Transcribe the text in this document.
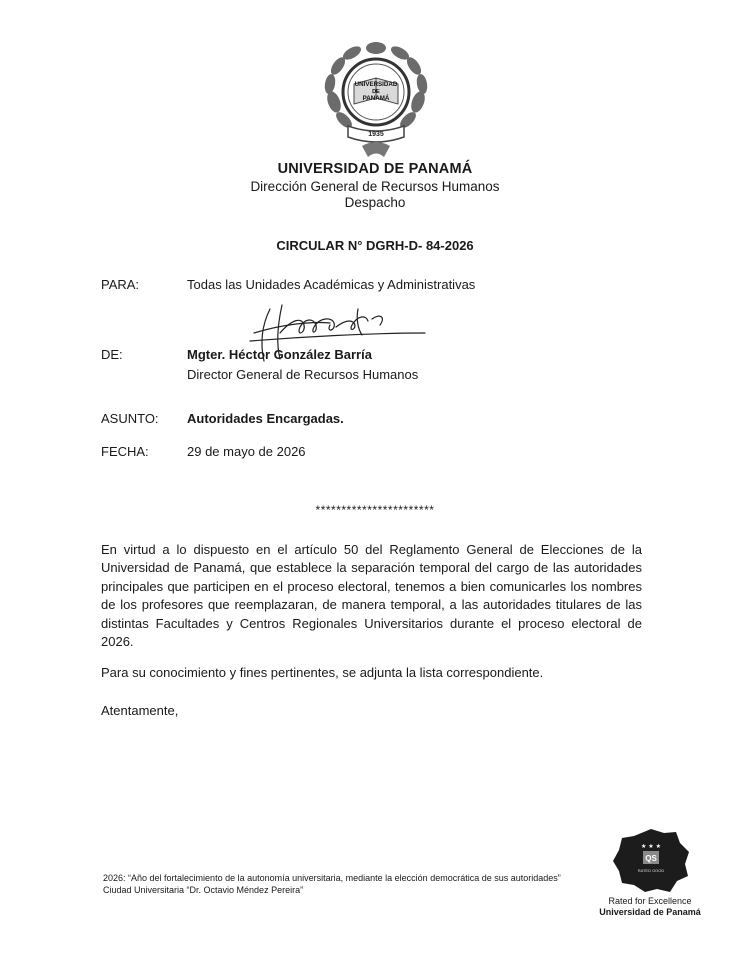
UNIVERSIDAD
DE
PANAMÁ
1935
UNIVERSIDAD DE PANAMÁ
Dirección General de Recursos Humanos
Despacho
CIRCULAR N° DGRH-D- 84-2026
PARA:	Todas las Unidades Académicas y Administrativas
DE:	Mgter. Héctor González Barría
Director General de Recursos Humanos
ASUNTO: Autoridades Encargadas.
FECHA:	29 de mayo de 2026
***********************
En virtud a lo dispuesto en el artículo 50 del Reglamento General de Elecciones de la Universidad de Panamá, que establece la separación temporal del cargo de las autoridades principales que participen en el proceso electoral, tenemos a bien comunicarles los nombres de los profesores que reemplazaran, de manera temporal, a las autoridades titulares de las distintas Facultades y Centros Regionales Universitarios durante el proceso electoral de 2026.
Para su conocimiento y fines pertinentes, se adjunta la lista correspondiente.
Atentamente,
2026: “Año del fortalecimiento de la autonomía universitaria, mediante la elección democrática de sus autoridades”
Ciudad Universitaria “Dr. Octavio Méndez Pereira”
★ ★ ★
QS
RATED GOOD
Rated for Excellence
Universidad de Panamá
